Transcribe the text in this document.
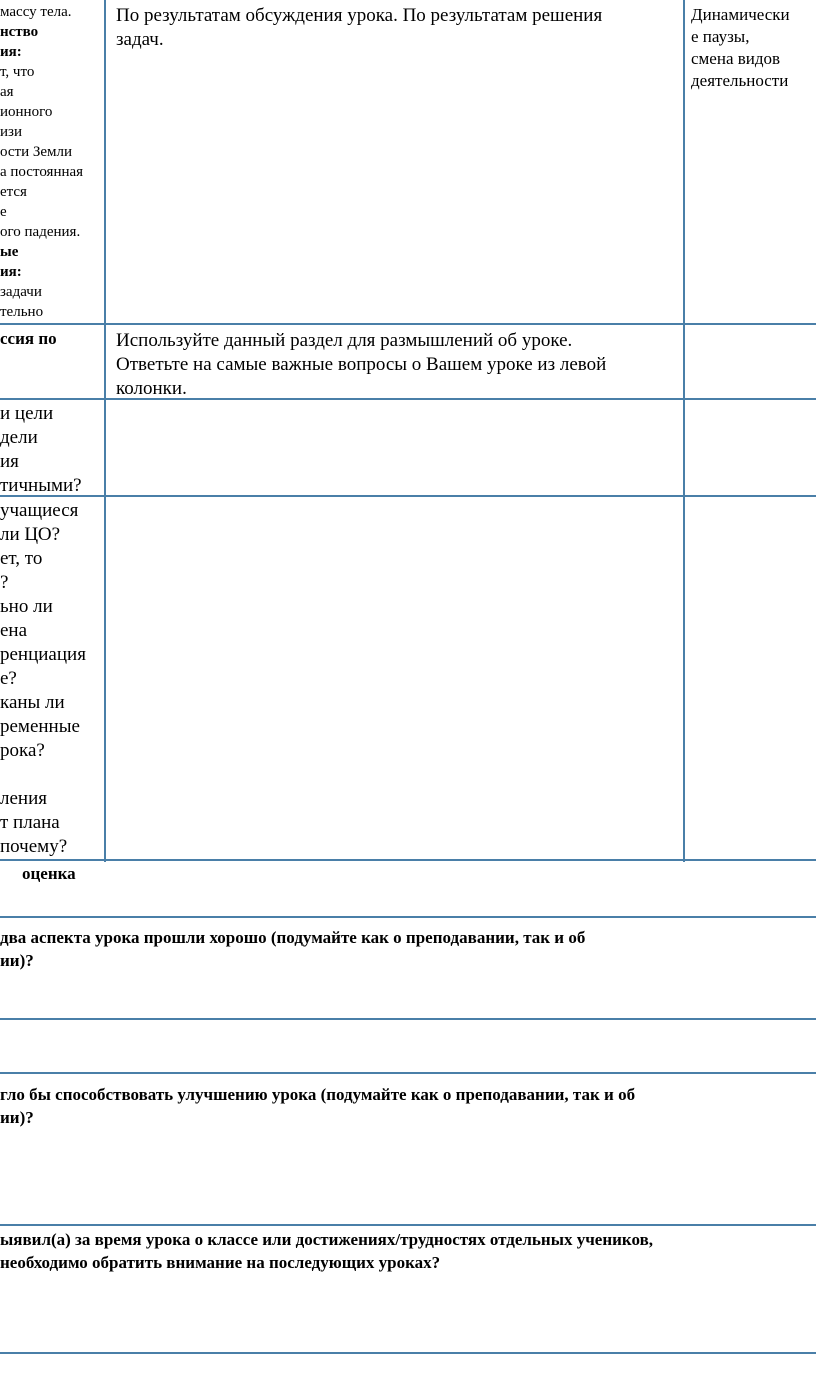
массу тела.
нство
ия:
т, что
ая
ионного
изи
ости Земли
а постоянная
ется
е
ого падения.
ые
ия:
задачи
тельно
ссия по
и цели
дели
ия
тичными?
учащиеся
ли ЦО?
ет, то
?
ьно ли
ена
ренциация
е?
каны ли
ременные
рока?

ления
т плана
почему?
По результатам обсуждения урока. По результатам решения
задач.
Используйте данный раздел для размышлений об уроке.
Ответьте на самые важные вопросы о Вашем уроке из левой
колонки.
Динамически
е паузы,
смена видов
деятельности
оценка
два аспекта урока прошли хорошо (подумайте как о преподавании, так и об
ии)?
гло бы способствовать улучшению урока (подумайте как о преподавании, так и об
ии)?
ыявил(а) за время урока о классе или достижениях/трудностях отдельных учеников,
необходимо обратить внимание на последующих уроках?
